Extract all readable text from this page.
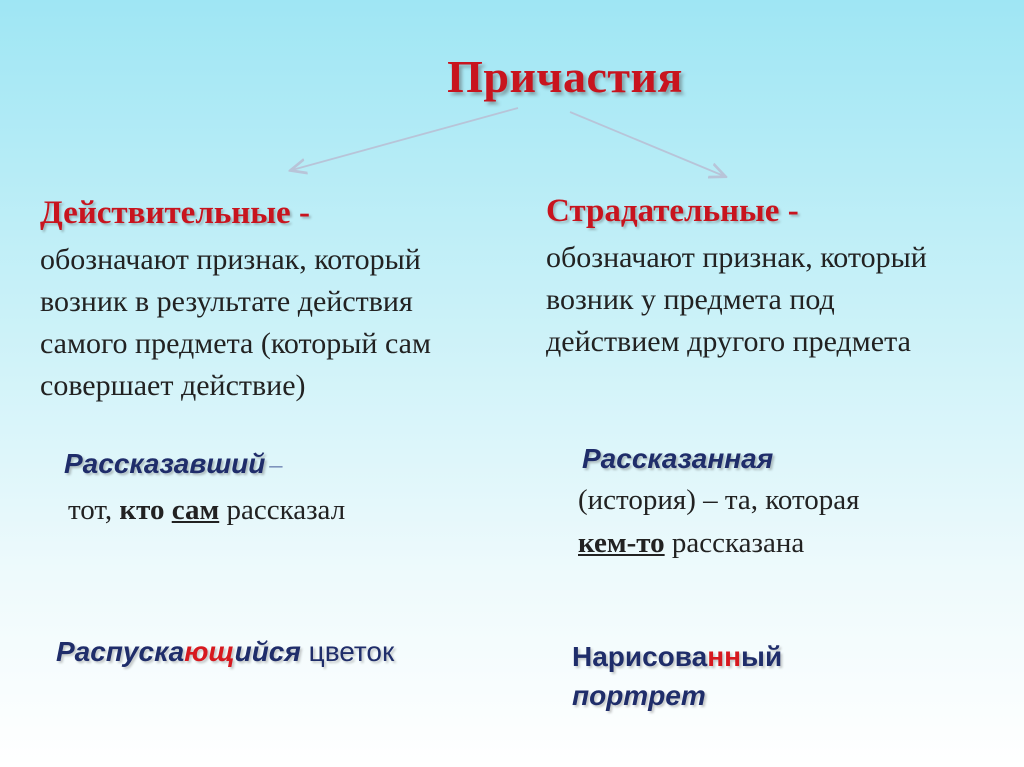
Причастия
Действительные -
обозначают признак, который
возник в результате действия
самого предмета (который сам
совершает действие)
Рассказавший –
тот, кто сам рассказал
Распускающийся цветок
Страдательные -
обозначают признак, который
возник у предмета под
действием другого предмета
Рассказанная
(история) – та, которая
кем-то рассказана
Нарисованный
портрет
